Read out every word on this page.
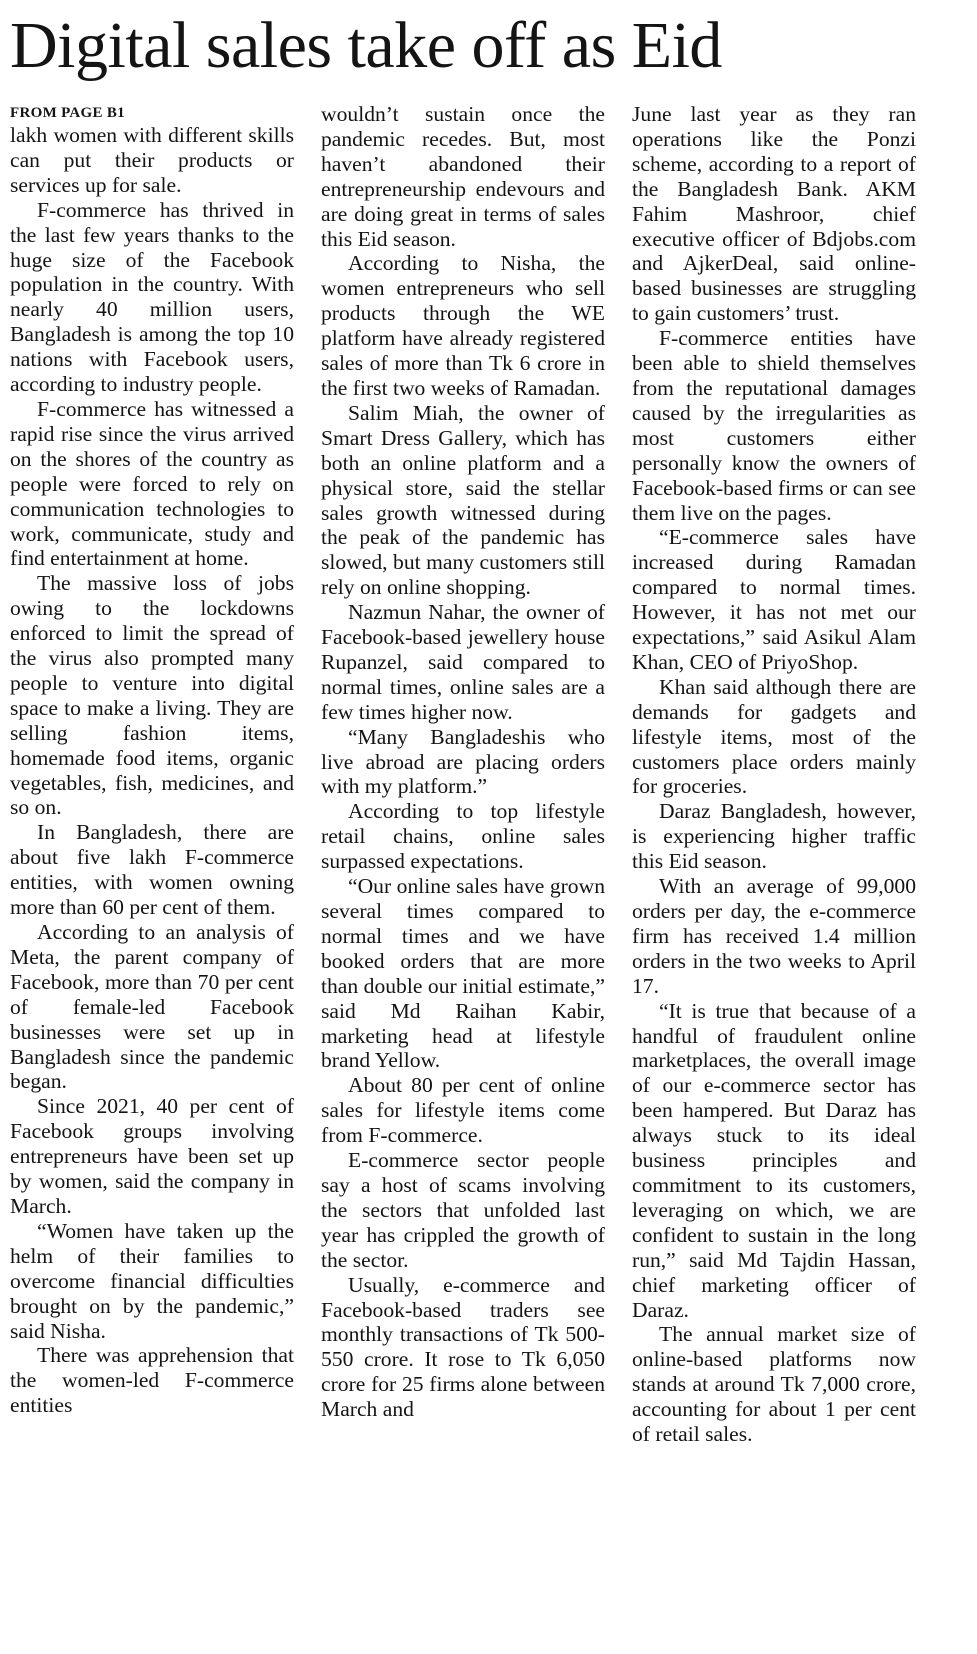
Digital sales take off as Eid
FROM PAGE B1

lakh women with different skills can put their products or services up for sale.

F-commerce has thrived in the last few years thanks to the huge size of the Facebook population in the country. With nearly 40 million users, Bangladesh is among the top 10 nations with Facebook users, according to industry people.

F-commerce has witnessed a rapid rise since the virus arrived on the shores of the country as people were forced to rely on communication technologies to work, communicate, study and find entertainment at home.

The massive loss of jobs owing to the lockdowns enforced to limit the spread of the virus also prompted many people to venture into digital space to make a living. They are selling fashion items, homemade food items, organic vegetables, fish, medicines, and so on.

In Bangladesh, there are about five lakh F-commerce entities, with women owning more than 60 per cent of them.

According to an analysis of Meta, the parent company of Facebook, more than 70 per cent of female-led Facebook businesses were set up in Bangladesh since the pandemic began.

Since 2021, 40 per cent of Facebook groups involving entrepreneurs have been set up by women, said the company in March.

“Women have taken up the helm of their families to overcome financial difficulties brought on by the pandemic,” said Nisha.

There was apprehension that the women-led F-commerce entities

wouldn’t sustain once the pandemic recedes. But, most haven’t abandoned their entrepreneurship endevours and are doing great in terms of sales this Eid season.

According to Nisha, the women entrepreneurs who sell products through the WE platform have already registered sales of more than Tk 6 crore in the first two weeks of Ramadan.

Salim Miah, the owner of Smart Dress Gallery, which has both an online platform and a physical store, said the stellar sales growth witnessed during the peak of the pandemic has slowed, but many customers still rely on online shopping.

Nazmun Nahar, the owner of Facebook-based jewellery house Rupanzel, said compared to normal times, online sales are a few times higher now.

“Many Bangladeshis who live abroad are placing orders with my platform.”

According to top lifestyle retail chains, online sales surpassed expectations.

“Our online sales have grown several times compared to normal times and we have booked orders that are more than double our initial estimate,” said Md Raihan Kabir, marketing head at lifestyle brand Yellow.

About 80 per cent of online sales for lifestyle items come from F-commerce.

E-commerce sector people say a host of scams involving the sectors that unfolded last year has crippled the growth of the sector.

Usually, e-commerce and Facebook-based traders see monthly transactions of Tk 500-550 crore. It rose to Tk 6,050 crore for 25 firms alone between March and

June last year as they ran operations like the Ponzi scheme, according to a report of the Bangladesh Bank. AKM Fahim Mashroor, chief executive officer of Bdjobs.com and AjkerDeal, said online-based businesses are struggling to gain customers’ trust.

F-commerce entities have been able to shield themselves from the reputational damages caused by the irregularities as most customers either personally know the owners of Facebook-based firms or can see them live on the pages.

“E-commerce sales have increased during Ramadan compared to normal times. However, it has not met our expectations,” said Asikul Alam Khan, CEO of PriyoShop.

Khan said although there are demands for gadgets and lifestyle items, most of the customers place orders mainly for groceries.

Daraz Bangladesh, however, is experiencing higher traffic this Eid season.

With an average of 99,000 orders per day, the e-commerce firm has received 1.4 million orders in the two weeks to April 17.

“It is true that because of a handful of fraudulent online marketplaces, the overall image of our e-commerce sector has been hampered. But Daraz has always stuck to its ideal business principles and commitment to its customers, leveraging on which, we are confident to sustain in the long run,” said Md Tajdin Hassan, chief marketing officer of Daraz.

The annual market size of online-based platforms now stands at around Tk 7,000 crore, accounting for about 1 per cent of retail sales.
